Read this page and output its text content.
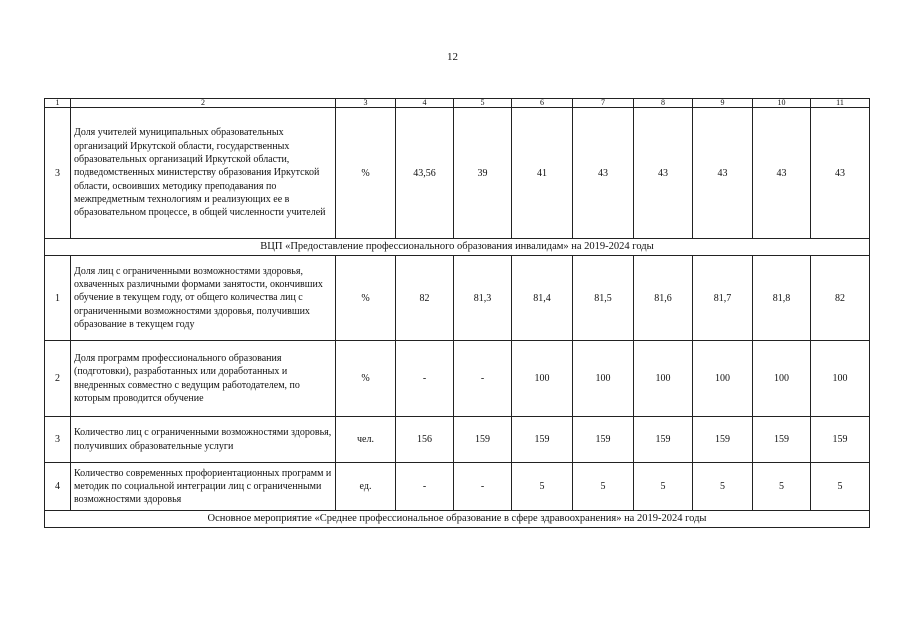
12
1	2	3	4	5	6	7	8	9	10	11
3	Доля учителей муниципальных образовательных организаций Иркутской области, государственных образовательных организаций Иркутской области, подведомственных министерству образования Иркутской области, освоивших методику преподавания по межпредметным технологиям и реализующих ее в образовательном процессе, в общей численности учителей	%	43,56	39	41	43	43	43	43	43
ВЦП «Предоставление профессионального образования инвалидам» на 2019-2024 годы										
1	Доля лиц с ограниченными возможностями здоровья, охваченных различными формами занятости, окончивших обучение в текущем году, от общего количества лиц с ограниченными возможностями здоровья, получивших образование в текущем году	%	82	81,3	81,4	81,5	81,6	81,7	81,8	82
2	Доля программ профессионального образования (подготовки), разработанных или доработанных и внедренных совместно с ведущим работодателем, по которым проводится обучение	%	-	-	100	100	100	100	100	100
3	Количество лиц с ограниченными возможностями здоровья, получивших образовательные услуги	чел.	156	159	159	159	159	159	159	159
4	Количество современных профориентационных программ и методик по социальной интеграции лиц с ограниченными возможностями здоровья	ед.	-	-	5	5	5	5	5	5
Основное мероприятие «Среднее профессиональное образование в сфере здравоохранения» на 2019-2024 годы										
